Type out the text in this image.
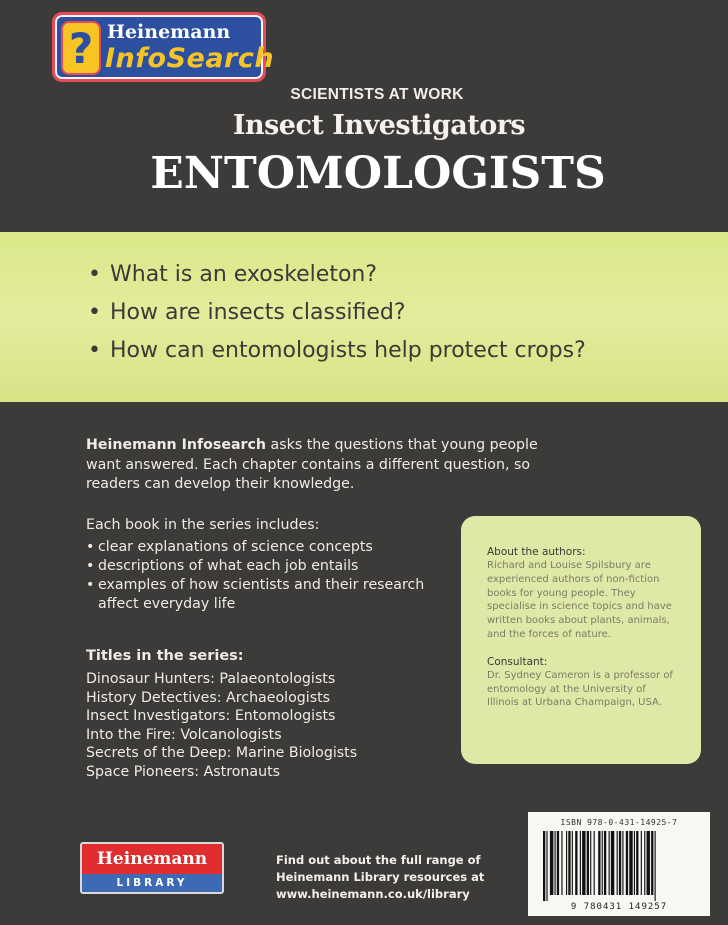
? Heinemann
InfoSearch
SCIENTISTS AT WORK
Insect Investigators
ENTOMOLOGISTS
• What is an exoskeleton?
• How are insects classified?
• How can entomologists help protect crops?

Heinemann Infosearch asks the questions that young people want answered. Each chapter contains a different question, so readers can develop their knowledge.

Each book in the series includes:
• clear explanations of science concepts
• descriptions of what each job entails
• examples of how scientists and their research affect everyday life
Titles in the series:
Dinosaur Hunters: Palaeontologists
History Detectives: Archaeologists
Insect Investigators: Entomologists
Into the Fire: Volcanologists
Secrets of the Deep: Marine Biologists
Space Pioneers: Astronauts
About the authors:
Richard and Louise Spilsbury are experienced authors of non-fiction books for young people. They specialise in science topics and have written books about plants, animals, and the forces of nature.
Consultant:
Dr. Sydney Cameron is a professor of entomology at the University of Illinois at Urbana Champaign, USA.
ISBN 978-0-431-14925-7
9 780431 149257
Heinemann
LIBRARY
Find out about the full range of
Heinemann Library resources at
www.heinemann.co.uk/library
